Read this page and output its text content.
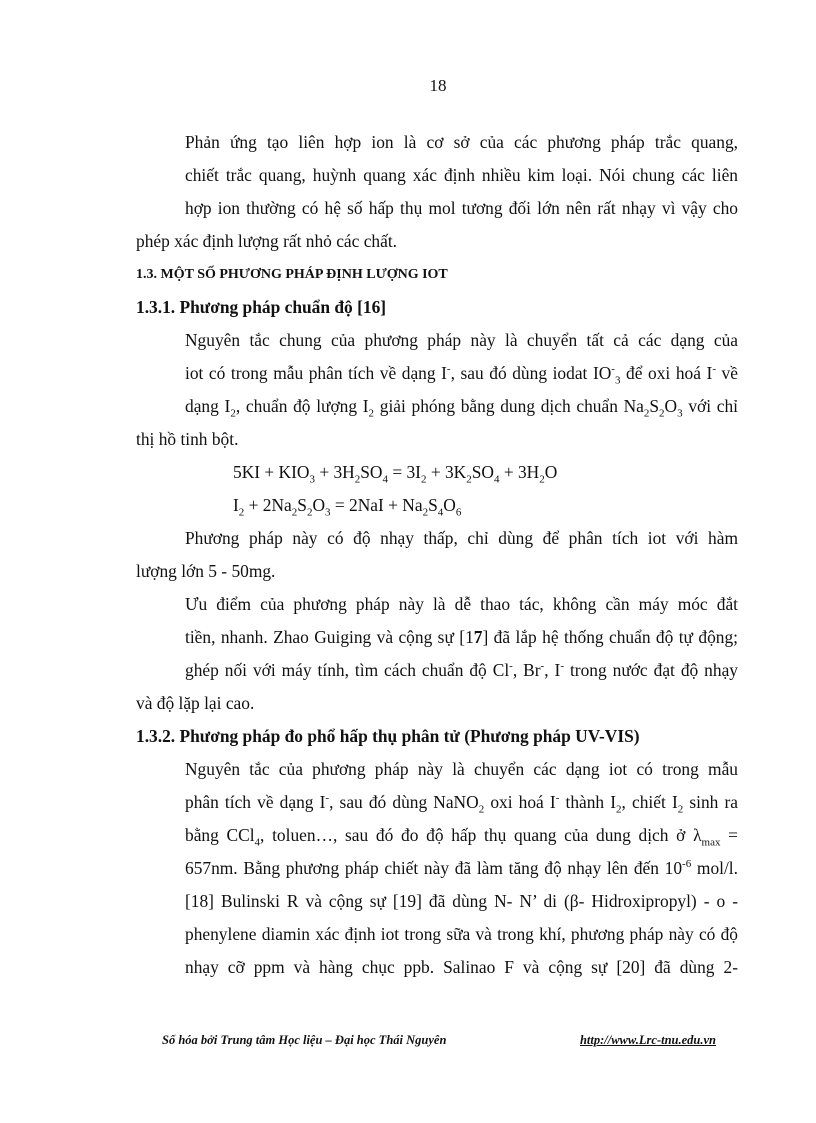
18

Phản ứng tạo liên hợp ion là cơ sở của các phương pháp trắc quang,
chiết trắc quang, huỳnh quang xác định nhiều kim loại. Nói chung các liên
hợp ion thường có hệ số hấp thụ mol tương đối lớn nên rất nhạy vì vậy cho
phép xác định lượng rất nhỏ các chất.

1.3. MỘT SỐ PHƯƠNG PHÁP ĐỊNH LƯỢNG IOT

1.3.1. Phương pháp chuẩn độ [16]

Nguyên tắc chung của phương pháp này là chuyển tất cả các dạng của
iot có trong mẫu phân tích về dạng I-, sau đó dùng iodat $IO^-_3$ để oxi hoá I- về
dạng $I_2$, chuẩn độ lượng $I_2$ giải phóng bằng dung dịch chuẩn $Na_2S_2O_3$ với chỉ
thị hồ tinh bột.

$5KI + KIO_3 + 3H_2SO_4 = 3I_2 + 3K_2SO_4 + 3H_2O$

$I_2 + 2Na_2S_2O_3 = 2NaI + Na_2S_4O_6$

Phương pháp này có độ nhạy thấp, chỉ dùng để phân tích iot với hàm
lượng lớn 5 - 50mg.

Ưu điểm của phương pháp này là dễ thao tác, không cần máy móc đắt
tiền, nhanh. Zhao Guiging và cộng sự [17] đã lắp hệ thống chuẩn độ tự động;
ghép nối với máy tính, tìm cách chuẩn độ Cl-, Br-, I- trong nước đạt độ nhạy
và độ lặp lại cao.

1.3.2. Phương pháp đo phổ hấp thụ phân tử (Phương pháp UV-VIS)

Nguyên tắc của phương pháp này là chuyển các dạng iot có trong mẫu
phân tích về dạng I-, sau đó dùng NaNO$_2$ oxi hoá I- thành $I_2$, chiết $I_2$ sinh ra
bằng CCl$_4$, toluen…, sau đó đo độ hấp thụ quang của dung dịch ở $\lambda_{max}$ =
657nm. Bằng phương pháp chiết này đã làm tăng độ nhạy lên đến $10^{-6}$ mol/l.
[18] Bulinski R và cộng sự [19] đã dùng N- N’ di (β- Hidroxipropyl) - o -
phenylene diamin xác định iot trong sữa và trong khí, phương pháp này có độ
nhạy cỡ ppm và hàng chục ppb. Salinao F và cộng sự [20] đã dùng 2-

Số hóa bởi Trung tâm Học liệu – Đại học Thái Nguyên	http://www.Lrc-tnu.edu.vn
